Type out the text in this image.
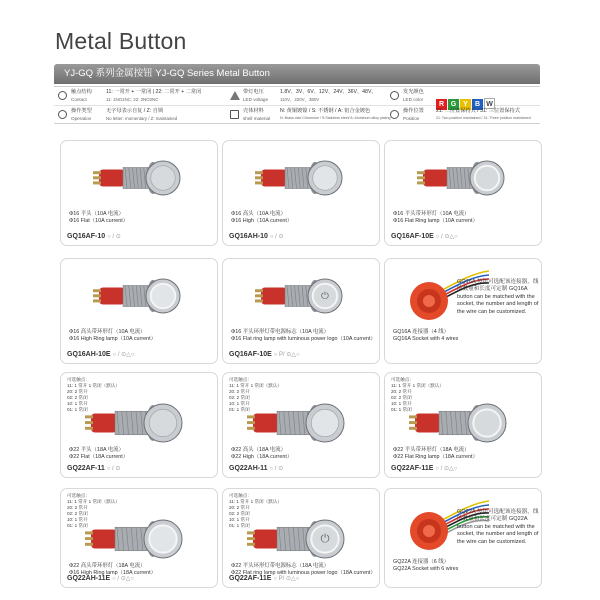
Metal Button
YJ-GQ 系列金属按钮 YJ-GQ Series Metal Button
触点结构
Contact
11: 一常开 + 一常闭 | 22: 二常开 + 二常闭
11: 1NO1NC; 22: 2NO2NC
带灯电压
LED voltage
1.8V、3V、6V、12V、24V、36V、48V、
110V、220V、380V
发光颜色
LED color
R G Y B W
操作类型
Operation
无字母表示自复 / Z: 自锁
No letter: momentary / Z: maintained
壳体材料
shell material
N: 黄铜镀镍 / S: 不锈钢 / A: 铝合金镀色
N: Brass clad Chromium / S:Stainless steel/ A: Aluminum alloy plating
操作位置
Position
21: 二位置保持式 / 31: 三位置保持式
21: Two position maintained / 31: Three position maintained
Φ16 平头（10A 电流）
Φ16 Flat（10A current）
GQ16AF-10 ○ / ⊙
Φ16 高头（10A 电流）
Φ16 High（10A current）
GQ16AH-10 ○ / ⊙
Φ16 平头带环形灯（10A 电流）
Φ16 Flat Ring lamp（10A current）
GQ16AF-10E ○ / ⊙△○
Φ16 高头带环形灯（10A 电流）
Φ16 High Ring lamp（10A current）
GQ16AH-10E ○ / ⊙△○
⏻
Φ16 平头环形灯带电源标志（10A 电流）
Φ16 Flat ring lamp with luminous power logo（10A current）
GQ16AF-10E ○ P/ ⊙△○
GQ16A 按钮可选配该连接器，线的数量和长度可定制 GQ16A button can be matched with the socket, the number and length of the wire can be customized.
GQ16A 连接器（4 线）
GQ16A Socket with 4 wires
可选触点：
11: 1 常开 1 常闭（默认）
20: 2 常开
02: 2 常闭
10: 1 常开
01: 1 常闭
Φ22 平头（18A 电流）
Φ22 Flat（18A current）
GQ22AF-11 ○ / ⊙
可选触点：
11: 1 常开 1 常闭（默认）
20: 2 常开
02: 2 常闭
10: 1 常开
01: 1 常闭
Φ22 高头（18A 电流）
Φ22 High（18A current）
GQ22AH-11 ○ / ⊙
可选触点：
11: 1 常开 1 常闭（默认）
20: 2 常开
02: 2 常闭
10: 1 常开
01: 1 常闭
Φ22 平头带环形灯（18A 电流）
Φ22 Flat Ring lamp（18A current）
GQ22AF-11E ○ / ⊙△○
可选触点：
11: 1 常开 1 常闭（默认）
20: 2 常开
02: 2 常闭
10: 1 常开
01: 1 常闭
Φ22 高头带环形灯（18A 电流）
Φ16 High Ring lamp（18A current）
GQ22AH-11E ○ / ⊙△○
⏻
可选触点：
11: 1 常开 1 常闭（默认）
20: 2 常开
02: 2 常闭
10: 1 常开
01: 1 常闭
Φ22 平头环形灯带电源标志（18A 电流）
Φ22 Flat ring lamp with luminous power logo（18A current）
GQ22AF-11E ○ P/ ⊙△○
GQ22A 按钮可选配该连接器，线的数量和长度可定制 GQ22A button can be matched with the socket, the number and length of the wire can be customized.
GQ22A 连接器（6 线）
GQ22A Socket with 6 wires
